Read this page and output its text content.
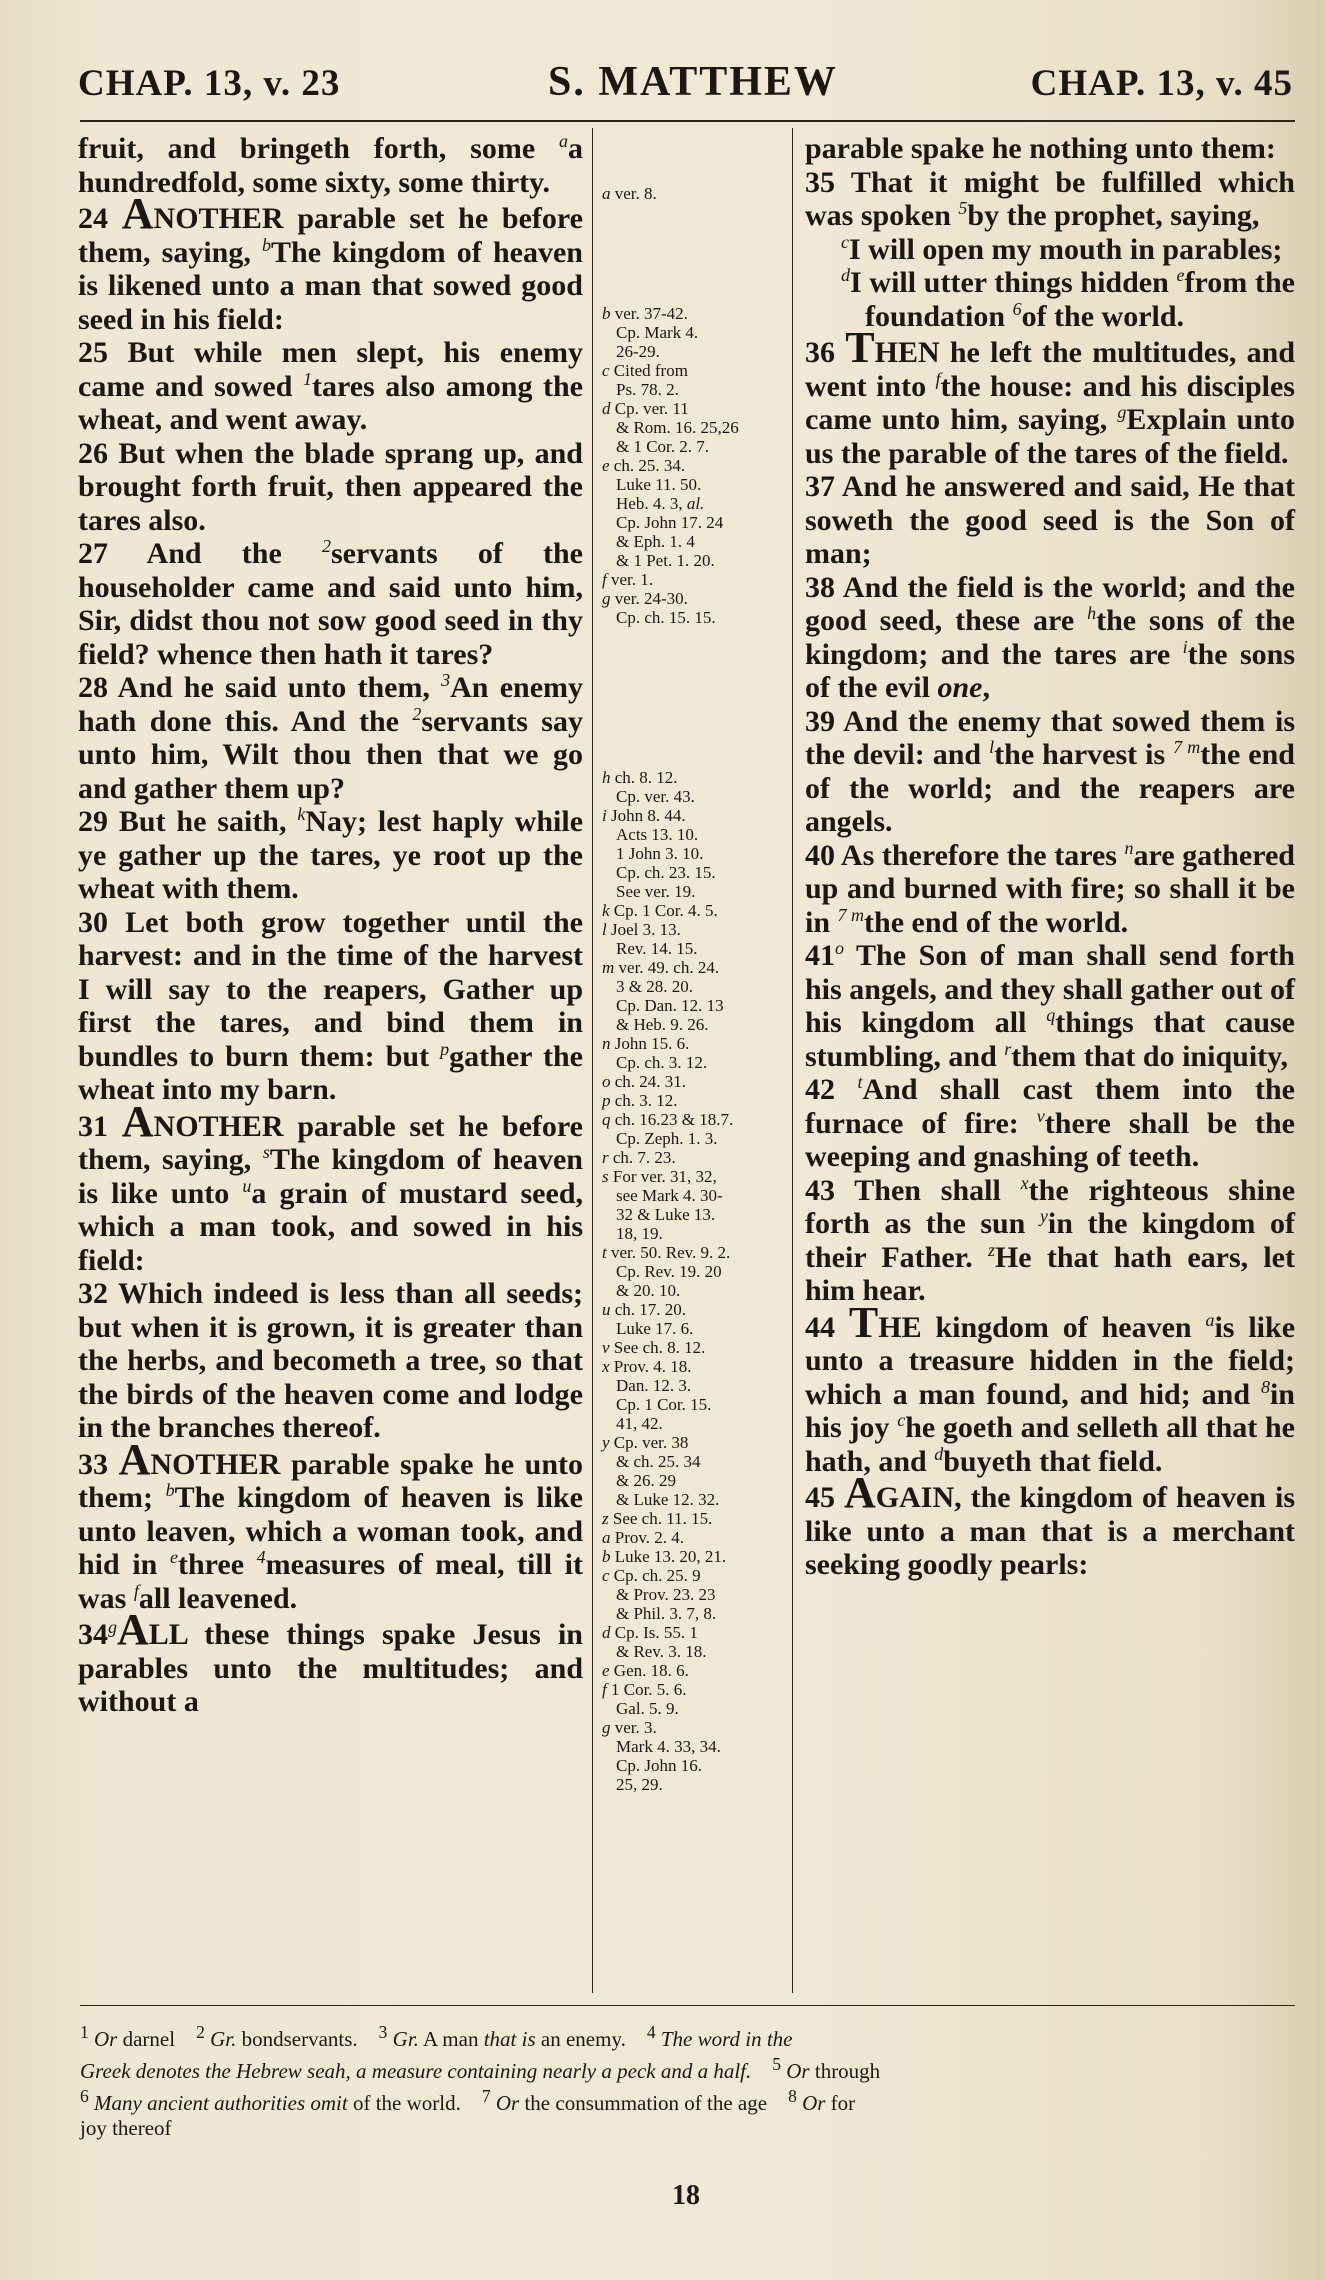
CHAP. 13, v. 23	S. MATTHEW	CHAP. 13, v. 45

fruit, and bringeth forth, some $^a$a hundredfold, some sixty, some thirty.

24 ANOTHER parable set he before them, saying, $^b$The kingdom of heaven is likened unto a man that sowed good seed in his field:

25 But while men slept, his enemy came and sowed $^1$tares also among the wheat, and went away.

26 But when the blade sprang up, and brought forth fruit, then appeared the tares also.

27 And the $^2$servants of the householder came and said unto him, Sir, didst thou not sow good seed in thy field? whence then hath it tares?

28 And he said unto them, $^3$An enemy hath done this. And the $^2$servants say unto him, Wilt thou then that we go and gather them up?

29 But he saith, $^k$Nay; lest haply while ye gather up the tares, ye root up the wheat with them.

30 Let both grow together until the harvest: and in the time of the harvest I will say to the reapers, Gather up first the tares, and bind them in bundles to burn them: but $^p$gather the wheat into my barn.

31 ANOTHER parable set he before them, saying, $^s$The kingdom of heaven is like unto $^u$a grain of mustard seed, which a man took, and sowed in his field:

32 Which indeed is less than all seeds; but when it is grown, it is greater than the herbs, and becometh a tree, so that the birds of the heaven come and lodge in the branches thereof.

33 ANOTHER parable spake he unto them; $^b$The kingdom of heaven is like unto leaven, which a woman took, and hid in $^e$three $^4$measures of meal, till it was $^f$all leavened.

34$^g$ALL these things spake Jesus in parables unto the multitudes; and without a

a ver. 8.

b ver. 37-42.

Cp. Mark 4.

26-29.

c Cited from

Ps. 78. 2.

d Cp. ver. 11

& Rom. 16. 25,26

& 1 Cor. 2. 7.

e ch. 25. 34.

Luke 11. 50.

Heb. 4. 3, al.

Cp. John 17. 24

& Eph. 1. 4

& 1 Pet. 1. 20.

f ver. 1.

g ver. 24-30.

Cp. ch. 15. 15.

h ch. 8. 12.

Cp. ver. 43.

i John 8. 44.

Acts 13. 10.

1 John 3. 10.

Cp. ch. 23. 15.

See ver. 19.

k Cp. 1 Cor. 4. 5.

l Joel 3. 13.

Rev. 14. 15.

m ver. 49. ch. 24.

3 & 28. 20.

Cp. Dan. 12. 13

& Heb. 9. 26.

n John 15. 6.

Cp. ch. 3. 12.

o ch. 24. 31.

p ch. 3. 12.

q ch. 16.23 & 18.7.

Cp. Zeph. 1. 3.

r ch. 7. 23.

s For ver. 31, 32,

see Mark 4. 30-

32 & Luke 13.

18, 19.

t ver. 50. Rev. 9. 2.

Cp. Rev. 19. 20

& 20. 10.

u ch. 17. 20.

Luke 17. 6.

v See ch. 8. 12.

x Prov. 4. 18.

Dan. 12. 3.

Cp. 1 Cor. 15.

41, 42.

y Cp. ver. 38

& ch. 25. 34

& 26. 29

& Luke 12. 32.

z See ch. 11. 15.

a Prov. 2. 4.

b Luke 13. 20, 21.

c Cp. ch. 25. 9

& Prov. 23. 23

& Phil. 3. 7, 8.

d Cp. Is. 55. 1

& Rev. 3. 18.

e Gen. 18. 6.

f 1 Cor. 5. 6.

Gal. 5. 9.

g ver. 3.

Mark 4. 33, 34.

Cp. John 16.

25, 29.

parable spake he nothing unto them:

35 That it might be fulfilled which was spoken $^5$by the prophet, saying,

$^c$I will open my mouth in parables;

$^d$I will utter things hidden $^e$from the foundation $^6$of the world.

36 THEN he left the multitudes, and went into $^f$the house: and his disciples came unto him, saying, $^g$Explain unto us the parable of the tares of the field.

37 And he answered and said, He that soweth the good seed is the Son of man;

38 And the field is the world; and the good seed, these are $^h$the sons of the kingdom; and the tares are $^i$the sons of the evil one,

39 And the enemy that sowed them is the devil: and $^l$the harvest is $^{7 m}$the end of the world; and the reapers are angels.

40 As therefore the tares $^n$are gathered up and burned with fire; so shall it be in $^{7 m}$the end of the world.

41$^o$ The Son of man shall send forth his angels, and they shall gather out of his kingdom all $^q$things that cause stumbling, and $^r$them that do iniquity,

42 $^t$And shall cast them into the furnace of fire: $^v$there shall be the weeping and gnashing of teeth.

43 Then shall $^x$the righteous shine forth as the sun $^y$in the kingdom of their Father. $^z$He that hath ears, let him hear.

44 THE kingdom of heaven $^a$is like unto a treasure hidden in the field; which a man found, and hid; and $^8$in his joy $^c$he goeth and selleth all that he hath, and $^d$buyeth that field.

45 AGAIN, the kingdom of heaven is like unto a man that is a merchant seeking goodly pearls:

$^1$ Or darnel    $^2$ Gr. bondservants.    $^3$ Gr. A man that is an enemy.    $^4$ The word in the

Greek denotes the Hebrew seah, a measure containing nearly a peck and a half. $^5$ Or through

$^6$ Many ancient authorities omit of the world.    $^7$ Or the consummation of the age    $^8$ Or for

joy thereof

18
